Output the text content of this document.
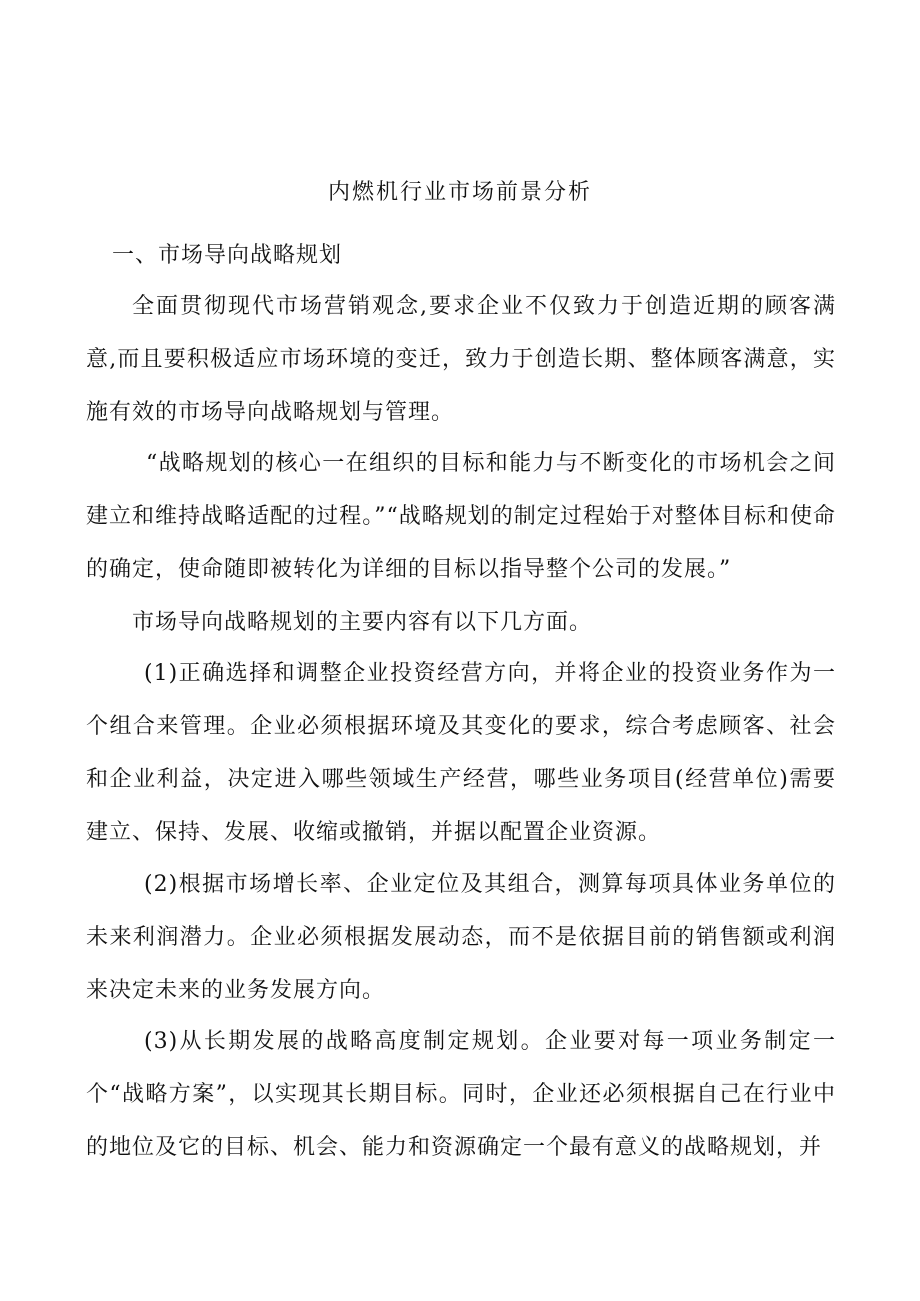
内燃机行业市场前景分析
一、市场导向战略规划
全面贯彻现代市场营销观念,要求企业不仅致力于创造近期的顾客满意,而且要积极适应市场环境的变迁，致力于创造长期、整体顾客满意，实施有效的市场导向战略规划与管理。
“战略规划的核心一在组织的目标和能力与不断变化的市场机会之间建立和维持战略适配的过程。”“战略规划的制定过程始于对整体目标和使命的确定，使命随即被转化为详细的目标以指导整个公司的发展。”
市场导向战略规划的主要内容有以下几方面。
(1)正确选择和调整企业投资经营方向，并将企业的投资业务作为一个组合来管理。企业必须根据环境及其变化的要求，综合考虑顾客、社会和企业利益，决定进入哪些领域生产经营，哪些业务项目(经营单位)需要建立、保持、发展、收缩或撤销，并据以配置企业资源。
(2)根据市场增长率、企业定位及其组合，测算每项具体业务单位的未来利润潜力。企业必须根据发展动态，而不是依据目前的销售额或利润来决定未来的业务发展方向。
(3)从长期发展的战略高度制定规划。企业要对每一项业务制定一个“战略方案”，以实现其长期目标。同时，企业还必须根据自己在行业中的地位及它的目标、机会、能力和资源确定一个最有意义的战略规划，并
